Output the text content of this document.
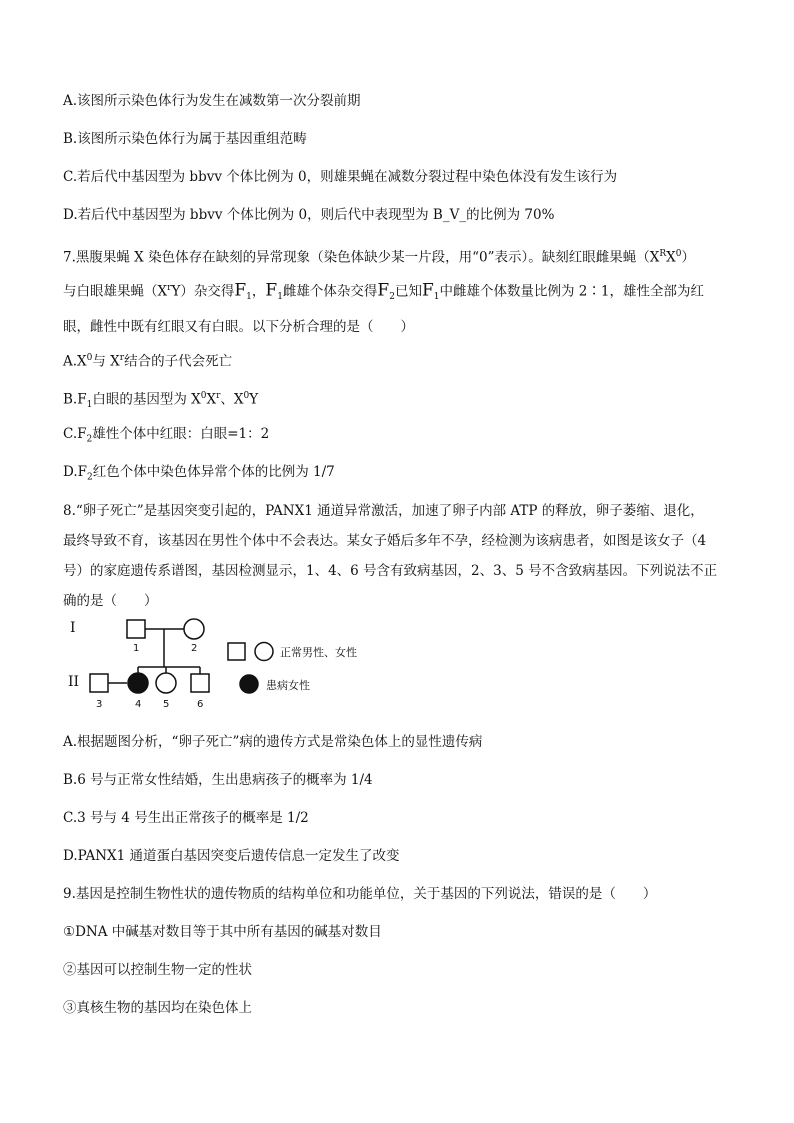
A.该图所示染色体行为发生在减数第一次分裂前期
B.该图所示染色体行为属于基因重组范畴
C.若后代中基因型为 bbvv 个体比例为 0，则雄果蝇在减数分裂过程中染色体没有发生该行为
D.若后代中基因型为 bbvv 个体比例为 0，则后代中表现型为 B_V_的比例为 70%
7.黑腹果蝇 X 染色体存在缺刻的异常现象（染色体缺少某一片段，用“0”表示）。缺刻红眼雌果蝇$(X^RX^0)$
与白眼雄果蝇$(X^rY)$杂交得$F_1$，$F_1$雌雄个体杂交得$F_2$已知$F_1$中雌雄个体数量比例为 2∶1，雄性全部为红
眼，雌性中既有红眼又有白眼。以下分析合理的是（　　）
$A.X^0$与 $X^r$结合的子代会死亡
$B.F_1$白眼的基因型为 $X^0X^r$、$X^0Y$
$C.F_2$雄性个体中红眼：白眼=1：2
$D.F_2$红色个体中染色体异常个体的比例为 1/7
8.“卵子死亡”是基因突变引起的，PANX1 通道异常激活，加速了卵子内部 ATP 的释放，卵子萎缩、退化，
最终导致不育，该基因在男性个体中不会表达。某女子婚后多年不孕，经检测为该病患者，如图是该女子（4
号）的家庭遗传系谱图，基因检测显示，1、4、6 号含有致病基因，2、3、5 号不含致病基因。下列说法不正
确的是（　　）
I
II
1	2
3	4 5	6
正常男性、女性
患病女性
A.根据题图分析，“卵子死亡”病的遗传方式是常染色体上的显性遗传病
B.6 号与正常女性结婚，生出患病孩子的概率为 1/4
C.3 号与 4 号生出正常孩子的概率是 1/2
D.PANX1 通道蛋白基因突变后遗传信息一定发生了改变
9.基因是控制生物性状的遗传物质的结构单位和功能单位，关于基因的下列说法，错误的是（　　）
①DNA 中碱基对数目等于其中所有基因的碱基对数目
②基因可以控制生物一定的性状
③真核生物的基因均在染色体上
